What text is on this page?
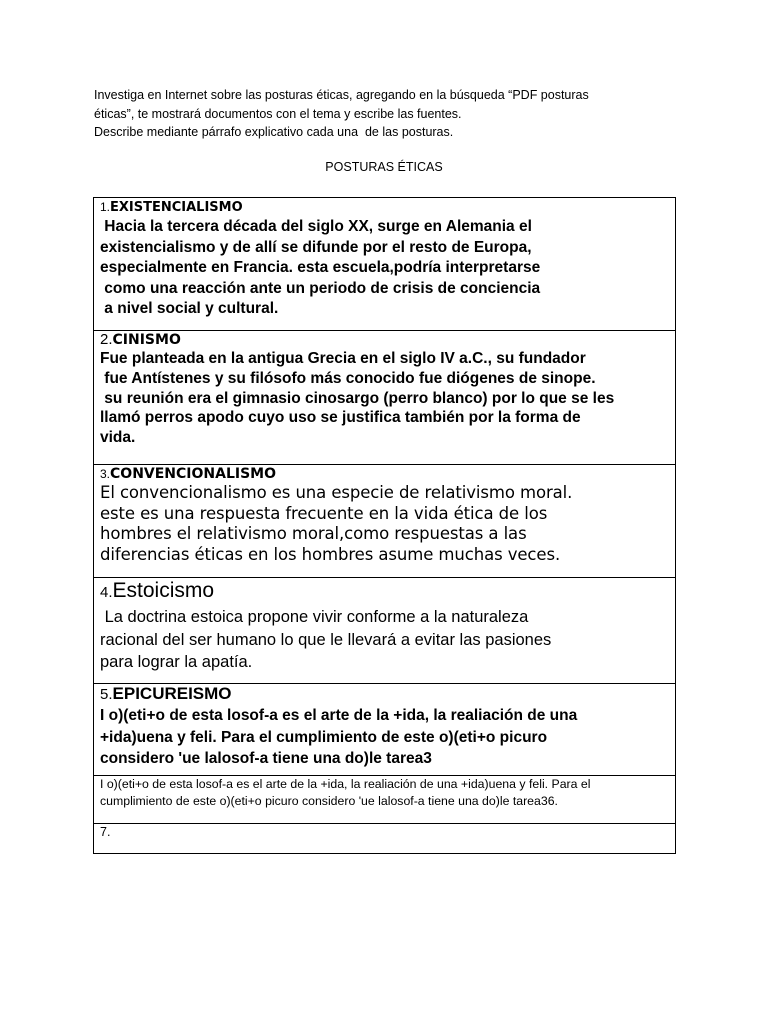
Investiga en Internet sobre las posturas éticas, agregando en la búsqueda “PDF posturas

éticas”, te mostrará documentos con el tema y escribe las fuentes.

Describe mediante párrafo explicativo cada una  de las posturas.

POSTURAS ÉTICAS
1.EXISTENCIALISMO
Hacia la tercera década del siglo XX, surge en Alemania el
existencialismo y de allí se difunde por el resto de Europa,
especialmente en Francia. esta escuela,podría interpretarse
como una reacción ante un periodo de crisis de conciencia
a nivel social y cultural.

2.CINISMO
Fue planteada en la antigua Grecia en el siglo IV a.C., su fundador
fue Antístenes y su filósofo más conocido fue diógenes de sinope.
su reunión era el gimnasio cinosargo (perro blanco) por lo que se les
llamó perros apodo cuyo uso se justifica también por la forma de
vida.

3.CONVENCIONALISMO
El convencionalismo es una especie de relativismo moral.
este es una respuesta frecuente en la vida ética de los
hombres el relativismo moral,como respuestas a las
diferencias éticas en los hombres asume muchas veces.

4.Estoicismo
La doctrina estoica propone vivir conforme a la naturaleza
racional del ser humano lo que le llevará a evitar las pasiones
para lograr la apatía.

5.EPICUREISMO
I o)(eti+o de esta losof-a es el arte de la +ida, la realiación de una
+ida)uena y feli. Para el cumplimiento de este o)(eti+o picuro
considero 'ue lalosof-a tiene una do)le tarea3

I o)(eti+o de esta losof-a es el arte de la +ida, la realiación de una +ida)uena y feli. Para el
cumplimiento de este o)(eti+o picuro considero 'ue lalosof-a tiene una do)le tarea36.

7.
